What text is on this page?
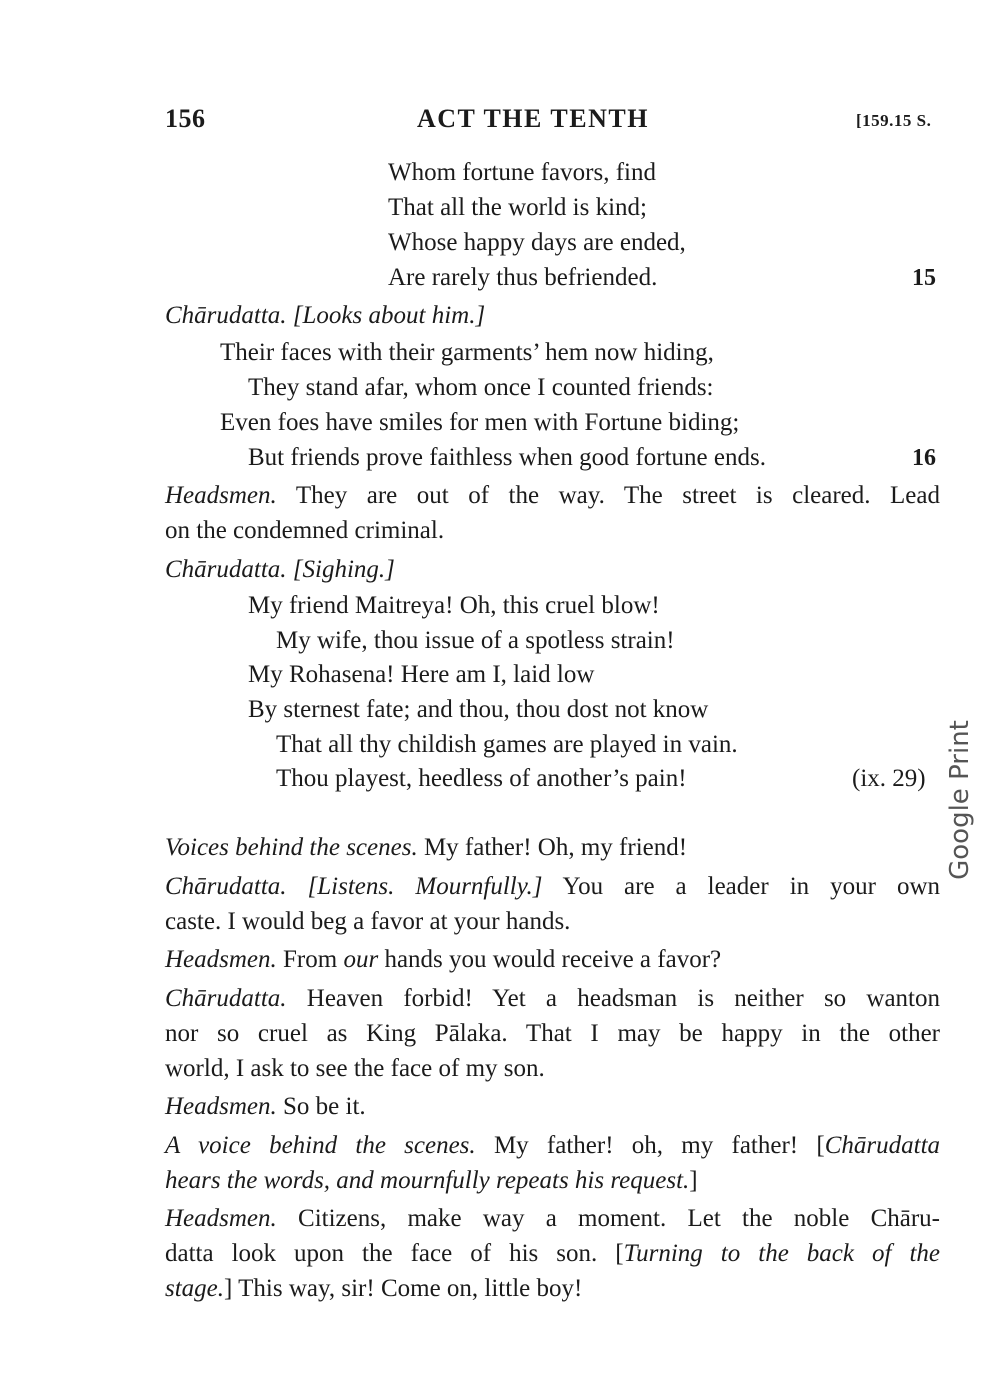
156	ACT THE TENTH	[159.15 S.
Whom fortune favors, find
That all the world is kind;
Whose happy days are ended,
Are rarely thus befriended.	15
Chārudatta. [Looks about him.]
Their faces with their garments’ hem now hiding,
They stand afar, whom once I counted friends:
Even foes have smiles for men with Fortune biding;
But friends prove faithless when good fortune ends.	16
Headsmen. They are out of the way. The street is cleared. Lead
on the condemned criminal.
Chārudatta. [Sighing.]
My friend Maitreya! Oh, this cruel blow!
My wife, thou issue of a spotless strain!
My Rohasena! Here am I, laid low
By sternest fate; and thou, thou dost not know
That all thy childish games are played in vain.
Thou playest, heedless of another’s pain!	(ix. 29)
Voices behind the scenes. My father! Oh, my friend!
Chārudatta. [Listens. Mournfully.] You are a leader in your own
caste. I would beg a favor at your hands.
Headsmen. From our hands you would receive a favor?
Chārudatta. Heaven forbid! Yet a headsman is neither so wanton
nor so cruel as King Pālaka. That I may be happy in the other
world, I ask to see the face of my son.
Headsmen. So be it.
A voice behind the scenes. My father! oh, my father! [Chārudatta
hears the words, and mournfully repeats his request.]
Headsmen. Citizens, make way a moment. Let the noble Chāru-
datta look upon the face of his son. [Turning to the back of the
stage.] This way, sir! Come on, little boy!
Google Print
